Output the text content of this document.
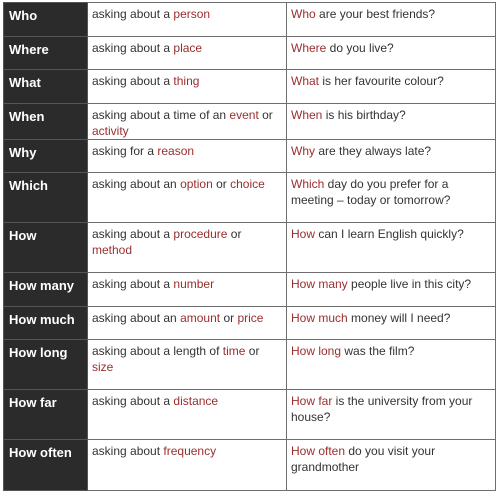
Who	asking about a person	Who are your best friends?
Where	asking about a place	Where do you live?
What	asking about a thing	What is her favourite colour?
When	asking about a time of an event or activity	When is his birthday?
Why	asking for a reason	Why are they always late?
Which	asking about an option or choice	Which day do you prefer for a meeting – today or tomorrow?
How	asking about a procedure or method	How can I learn English quickly?
How many	asking about a number	How many people live in this city?
How much	asking about an amount or price	How much money will I need?
How long	asking about a length of time or size	How long was the film?
How far	asking about a distance	How far is the university from your house?
How often	asking about frequency	How often do you visit your grandmother
